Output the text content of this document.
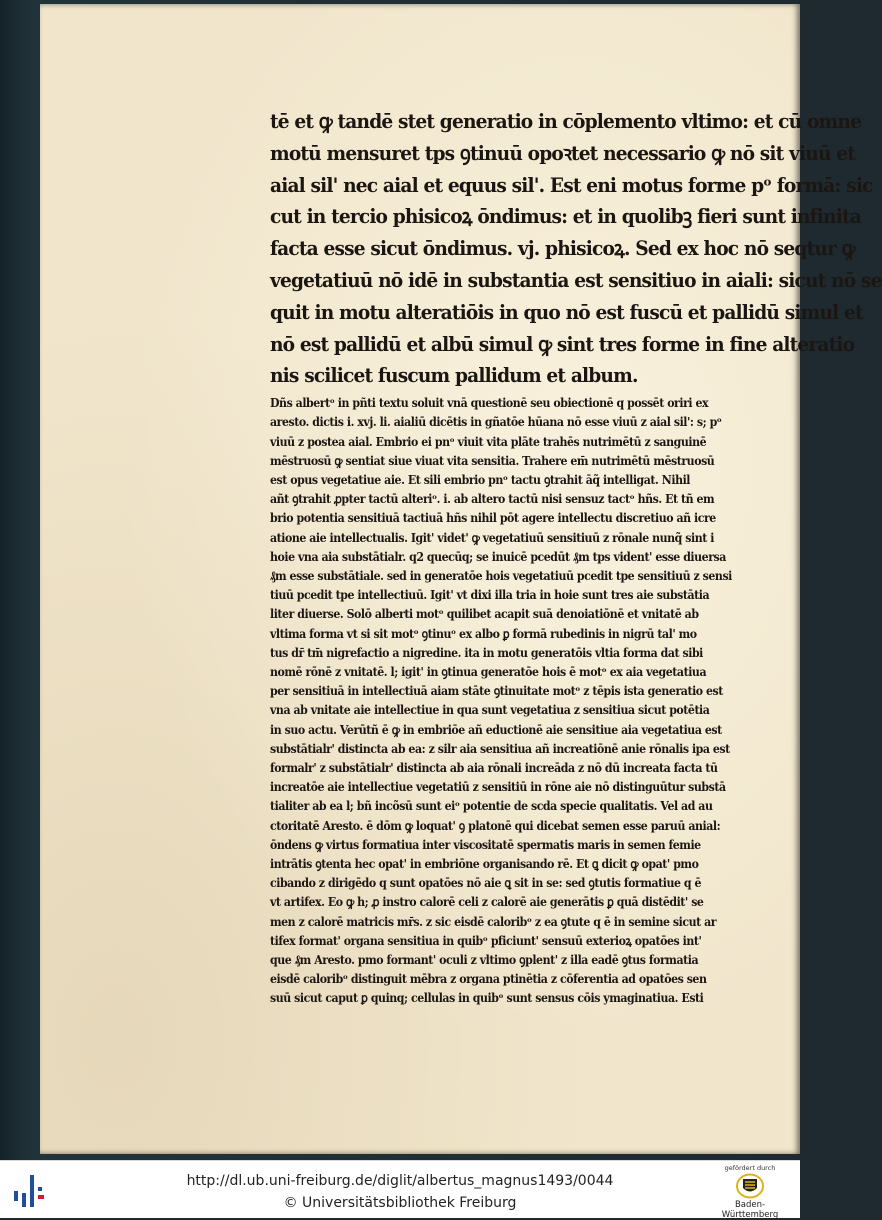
tē et ꝙ tandē stet generatio in cōplemento vltimo: et cū omne
motū mensuret tps ꝯtinuū opoꝛtet necessario ꝙ nō sit viuū et
aial sil' nec aial et equus sil'. Est eni motus forme pᵒ formā: sic
cut in tercio phisicoꝝ ōndimus: et in quolibꝫ fieri sunt infinita
facta esse sicut ōndimus. vj. phisicoꝝ. Sed ex hoc nō seqtur ꝙ
vegetatiuū nō idē in substantia est sensitiuo in aiali: sicut nō se
quit in motu alteratiōis in quo nō est fuscū et pallidū simul et
nō est pallidū et albū simul ꝙ sint tres forme in fine alteratio
nis scilicet fuscum pallidum et album.
Dñs albertᵒ in pñti textu soluit vnā questionē seu obiectionē q possēt oriri ex
aresto. dictis i. xvj. li. aialiū dicētis in gñatōe hūana nō esse viuū z aial sil': s; pᵒ
viuū z postea aial. Embrio ei pnᵒ viuit vita plāte trahēs nutrimētū z sanguinē
mēstruosū ꝙ sentiat siue viuat vita sensitia. Trahere em̄ nutrimētū mēstruosū
est opus vegetatiue aie. Et sili embrio pnᵒ tactu ꝯtrahit āq̃ intelligat. Nihil
añt ꝯtrahit ꝓpter tactū alteriᵒ. i. ab altero tactū nisi sensuz tactᵒ hñs. Et tñ em
brio potentia sensitiuā tactiuā hñs nihil pōt agere intellectu discretiuo añ icre
atione aie intellectualis. Igit' videt' ꝙ vegetatiuū sensitiuū z rōnale nunq̃ sint i
hoie vna aia substātialr. q2 quecūq; se inuicē pcedūt ₰m tps vident' esse diuersa
₰m esse substātiale. sed in generatōe hois vegetatiuū pcedit tpe sensitiuū z sensi
tiuū pcedit tpe intellectiuū. Igit' vt dixi illa tria in hoie sunt tres aie substātia
liter diuerse. Solō alberti motᵒ quilibet acapit suā denoiatiōnē et vnitatē ab
vltima forma vt si sit motᵒ ꝯtinuᵒ ex albo ꝑ formā rubedinis in nigrū tal' mo
tus dr̄ tm̄ nigrefactio a nigredine. ita in motu generatōis vltia forma dat sibi
nomē rōnē z vnitatē. l; igit' in ꝯtinua generatōe hois ē motᵒ ex aia vegetatiua
per sensitiuā in intellectiuā aiam stāte ꝯtinuitate motᵒ z tēpis ista generatio est
vna ab vnitate aie intellectiue in qua sunt vegetatiua z sensitiua sicut potētia
in suo actu. Verūtñ ē ꝙ in embriōe añ eductionē aie sensitiue aia vegetatiua est
substātialr' distincta ab ea: z silr aia sensitiua añ increatiōnē anie rōnalis ipa est
formalr' z substātialr' distincta ab aia rōnali increāda z nō dū increata facta tū
increatōe aie intellectiue vegetatiū z sensitiū in rōne aie nō distinguūtur substā
tialiter ab ea l; bñ incõsū sunt eiᵒ potentie de scda specie qualitatis. Vel ad au
ctoritatē Aresto. ē dōm ꝙ loquat' ꝯ platonē qui dicebat semen esse paruū anial:
ōndens ꝙ virtus formatiua inter viscositatē spermatis maris in semen femie
intrātis ꝯtenta hec opat' in embriōne organisando rē. Et ꝗ dicit ꝙ opat' pmo
cibando z dirigēdo q sunt opatōes nō aie ꝗ sit in se: sed ꝯtutis formatiue q ē
vt artifex. Eo ꝙ h; ꝓ instro calorē celi z calorē aie generātis ꝑ quā distēdit' se
men z calorē matricis mr̄s. z sic eisdē caloribᵒ z ea ꝯtute q ē in semine sicut ar
tifex format' organa sensitiua in quibᵒ pficiunt' sensuū exterioꝝ opatōes int'
que ₰m Aresto. pmo formant' oculi z vltimo ꝯplent' z illa eadē ꝯtus formatia
eisdē caloribᵒ distinguit mēbra z organa ptinētia z cōferentia ad opatōes sen
suū sicut caput ꝑ quinq; cellulas in quibᵒ sunt sensus cōis ymaginatiua. Esti
http://dl.ub.uni-freiburg.de/diglit/albertus_magnus1493/0044
© Universitätsbibliothek Freiburg
gefördert durch
Baden-Württemberg
